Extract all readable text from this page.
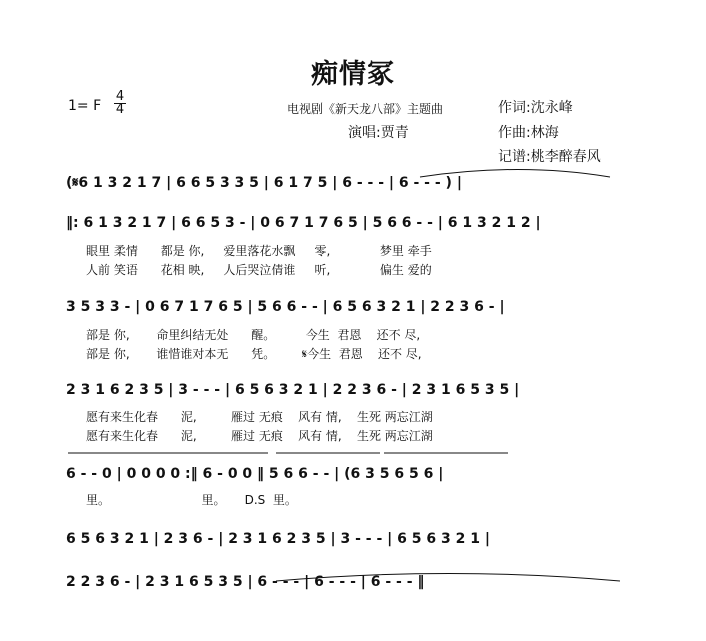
痴情冢
1= F
4
4	电视剧《新天龙八部》主题曲	作词:沈永峰
演唱:贾青	作曲:林海
记谱:桃李醉春风
(𝄋6 1 3 2 1 7 | 6 6 5 3 3 5 | 6 1 7 5 | 6 - - - | 6 - - - ) |
‖: 6 1 3 2 1 7 | 6 6 5 3 - | 0 6 7 1 7 6 5 | 5 6 6 - - | 6 1 3 2 1 2 |
眼里 柔情      都是 你,     爱里落花水飘     零,             梦里 牵手
人前 笑语      花相 映,     人后哭泣倩谁     听,             偏生 爱的
3 5 3 3 - | 0 6 7 1 7 6 5 | 5 6 6 - - | 6 5 6 3 2 1 | 2 2 3 6 - |
部是 你,       命里纠结无处      醒。        今生  君恩    还不 尽,
部是 你,       谁惜谁对本无      凭。       𝄋今生  君恩    还不 尽,
2 3 1 6 2 3 5 | 3 - - - | 6 5 6 3 2 1 | 2 2 3 6 - | 2 3 1 6 5 3 5 |
愿有来生化春      泥,         雁过 无痕    风有 情,    生死 两忘江湖
愿有来生化春      泥,         雁过 无痕    风有 情,    生死 两忘江湖
6 - - 0 | 0 0 0 0 :‖ 6 - 0 0 ‖ 5 6 6 - - | (6 3 5 6 5 6 |
里。                        里。     D.S  里。
6 5 6 3 2 1 | 2 3 6 - | 2 3 1 6 2 3 5 | 3 - - - | 6 5 6 3 2 1 |
2 2 3 6 - | 2 3 1 6 5 3 5 | 6 - - - | 6 - - - | 6 - - - ‖
